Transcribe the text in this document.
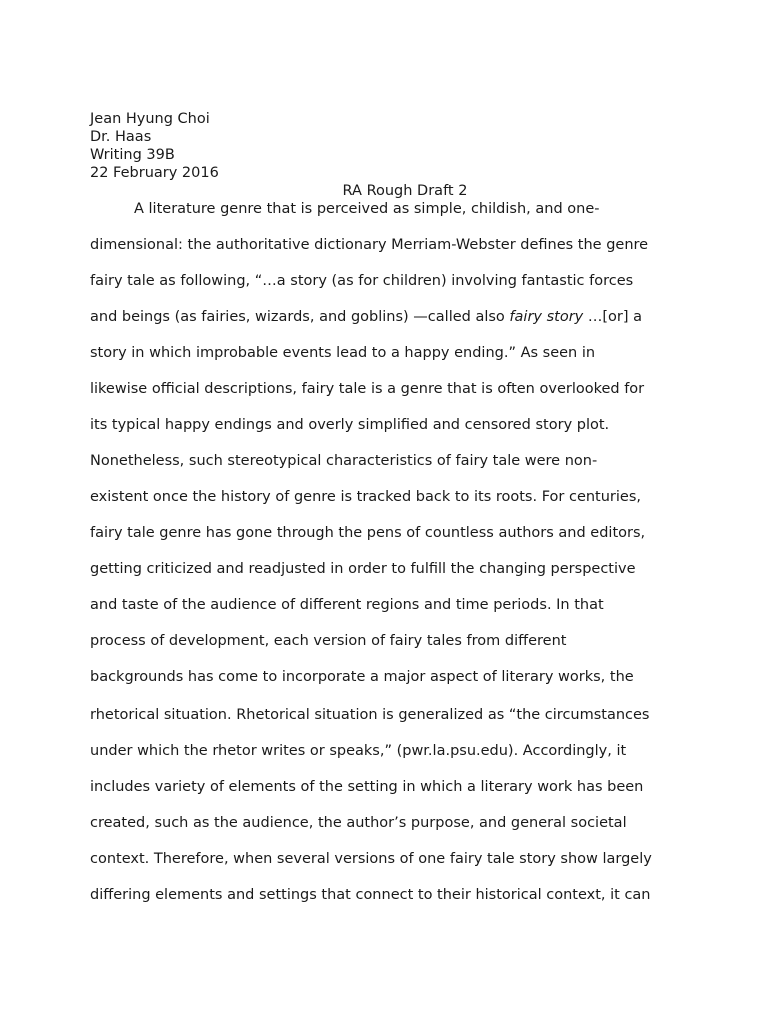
Jean Hyung Choi
Dr. Haas
Writing 39B
22 February 2016
RA Rough Draft 2
A literature genre that is perceived as simple, childish, and one-
dimensional: the authoritative dictionary Merriam-Webster defines the genre
fairy tale as following, “…a story (as for children) involving fantastic forces
and beings (as fairies, wizards, and goblins) —called also fairy story …[or] a
story in which improbable events lead to a happy ending.” As seen in
likewise official descriptions, fairy tale is a genre that is often overlooked for
its typical happy endings and overly simplified and censored story plot.
Nonetheless, such stereotypical characteristics of fairy tale were non-
existent once the history of genre is tracked back to its roots. For centuries,
fairy tale genre has gone through the pens of countless authors and editors,
getting criticized and readjusted in order to fulfill the changing perspective
and taste of the audience of different regions and time periods. In that
process of development, each version of fairy tales from different
backgrounds has come to incorporate a major aspect of literary works, the
rhetorical situation. Rhetorical situation is generalized as “the circumstances
under which the rhetor writes or speaks,” (pwr.la.psu.edu). Accordingly, it
includes variety of elements of the setting in which a literary work has been
created, such as the audience, the author’s purpose, and general societal
context. Therefore, when several versions of one fairy tale story show largely
differing elements and settings that connect to their historical context, it can
